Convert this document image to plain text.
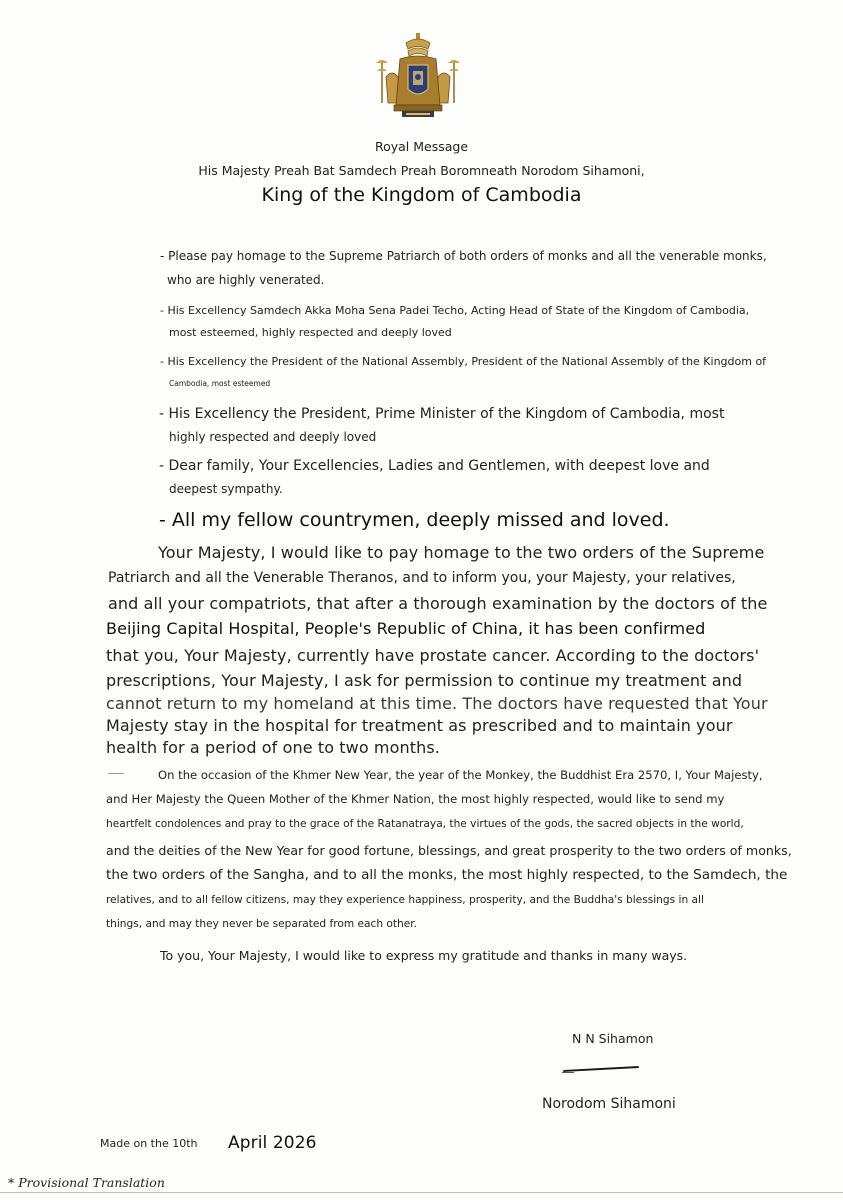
Royal Message
His Majesty Preah Bat Samdech Preah Boromneath Norodom Sihamoni,
King of the Kingdom of Cambodia
- Please pay homage to the Supreme Patriarch of both orders of monks and all the venerable monks,
who are highly venerated.
- His Excellency Samdech Akka Moha Sena Padei Techo, Acting Head of State of the Kingdom of Cambodia,
most esteemed, highly respected and deeply loved
- His Excellency the President of the National Assembly, President of the National Assembly of the Kingdom of
Cambodia, most esteemed
- His Excellency the President, Prime Minister of the Kingdom of Cambodia, most
highly respected and deeply loved
- Dear family, Your Excellencies, Ladies and Gentlemen, with deepest love and
deepest sympathy.
- All my fellow countrymen, deeply missed and loved.
Your Majesty, I would like to pay homage to the two orders of the Supreme
Patriarch and all the Venerable Theranos, and to inform you, your Majesty, your relatives,
and all your compatriots, that after a thorough examination by the doctors of the
Beijing Capital Hospital, People's Republic of China, it has been confirmed
that you, Your Majesty, currently have prostate cancer. According to the doctors'
prescriptions, Your Majesty, I ask for permission to continue my treatment and
cannot return to my homeland at this time. The doctors have requested that Your
Majesty stay in the hospital for treatment as prescribed and to maintain your
health for a period of one to two months.
On the occasion of the Khmer New Year, the year of the Monkey, the Buddhist Era 2570, I, Your Majesty,
and Her Majesty the Queen Mother of the Khmer Nation, the most highly respected, would like to send my
heartfelt condolences and pray to the grace of the Ratanatraya, the virtues of the gods, the sacred objects in the world,
and the deities of the New Year for good fortune, blessings, and great prosperity to the two orders of monks,
the two orders of the Sangha, and to all the monks, the most highly respected, to the Samdech, the
relatives, and to all fellow citizens, may they experience happiness, prosperity, and the Buddha's blessings in all
things, and may they never be separated from each other.
To you, Your Majesty, I would like to express my gratitude and thanks in many ways.
N N Sihamon
Norodom Sihamoni
Made on the 10th April 2026
* Provisional Translation
